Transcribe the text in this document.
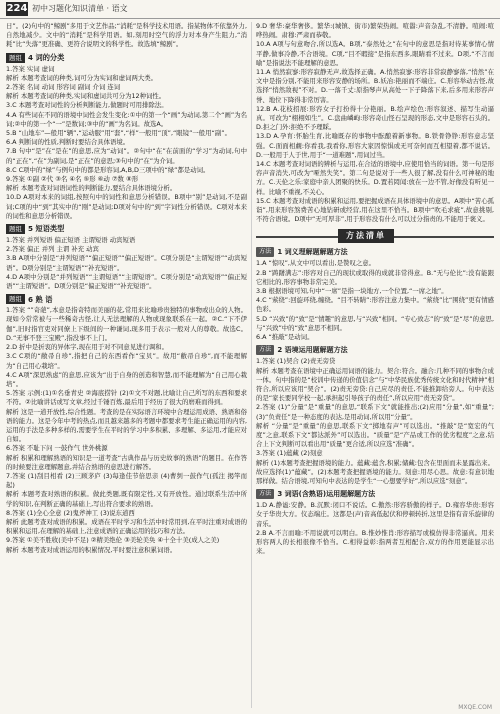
224 初中习题化知识清单 · 语文

日”。(2)句中的“鲸剧”多用于文艺作品;“消耗”是科学技术用语。指某物体不依靠外力,自然地减少。文中的“消耗”是科学用语。如,刻用时空气的浮力对本身产生阻力,“消耗”比“失落”更准确、更符合说明文的科学性。故选填“鲸剧”。

题组 4 词的分类

1.答案 实词 虚词

解析 本题考查词的种类,词可分为实词和虚词两大类。

2.答案 名词 动词 形容词 副词 介词 连词

解析 本题考查词的种类,实词和虚词共可分为12种词性。

3.C 本题考查对词性的分析判断能力,做题时可用排除法。

4.A 有些词在不同的语境中词性会发生变化:①中的第一个“画”为动词,第二个“画”为名词;②中的第一个“一”是数词;③中的“画”为名词。故选A。

5.B “山地车”—般用“辆”,“运动服”用“套”,“样”一般用“顶”,“眼镜”一般用“副”。

6.A 判断词的性质,判断时要结合具体语境。

7.B 句中“是”在“是在”的意思,应为“动词”。②句中“在”在前面的“学习”为动词,句中的“正在”,“在”为副词,是“正在”的意思;③句中的“在”为介词。

8.C C项中的“绿”与例句中的都是形容词,A,B,D三项中的“绿”都是动词。

9.答案 ①副 ②代 ③名 ④名 ⑤形 ⑥动 ⑦数 ⑧形

解析 本题考查对词语词性的判断能力,要结合具体语境分析。

10.D A项对本来的词组,按照句中的词性和意思分析错误。B项中“别”是动词,不是副词;C项的中“到”其实中的“刚”是动词;D项对句中的“到”字词性分析错误。C项对本来的词性和意思分析错误。

题组 5 短语类型

1.答案 并列短语 偏正短语 主谓短语 动宾短语

2.答案 偏正 并列 主谓 补充 动宾

3.B A项中分别是“并列短语”“偏正短语”“偏正短语”。C项分别是“主谓短语”“动宾短语”。D项分别是“主谓短语”“补充短语”。

4.D A项中分别是“并列短语”“主谓短语”“主谓短语”。C项分别是“动宾短语”“偏正短语”“主谓短语”。D项分别是“偏正短语”“补充短语”。

题组 6 熟 语

1.答案 “”奇葩”,本意是指奇特而美丽的花,常用来比喻珍贵独特的事物或出众的人物。现如今常常被与一些稀奇古怪,让人无法理解的人物或现象联系在一起。②C.“下不伊伽”,旧时指官吏对同僚上下级间的一种谦词,现多用于表示一般对人的尊敬。故选C。D.“无事不登三宝殿”,指没事不上门。

2.D 折中是折衷的异体字,现在用于对不同意见进行调和。

3.C C项的“敝帚自珍”,指把自己的东西看作“宝贝”。故用“敝帚自珍”,而不能理解为“自己用心栽培”。

4.C A项“深思熟虑”的意思,应该为“出于自身的创造和智慧,而不能理解为“自己用心栽培”。

5.答案 示例:(1)①名垂青史 ②海底捞针 (2)①文不对题,比喻让自己所写的东西和要求不符。②比喻讲话或写文章,经过千锤百炼,最后用于经历了很大的磨难而得到。

解析 这是一道开放性,综合性题。考查的是在实际语言环境中合理运用成语、熟语和俗语的能力。这是今年中考的热点,而且越来越多的考题中都要求考生能正确运用的内容,运用的手法是多种多样的,需要学生在平时的学习中多积累、多理解、多运用,才能应对自如。

6.答案 不耻下问 一鼓作气 世外桃源

解析 积累和理解熟语的知识是一道考查“古典作品与历史故事的熟语”的题目。在作答的时候要注意理解题意,并结合熟语的意思进行解答。

7.答案 (1)刮目相看 (2)三顾茅庐 (3)每逢佳节倍思亲 (4)曹刿一鼓作气(孤注 揭竿而起)

解析 本题考查对熟语的积累。做此类题,既有限定性,又有开放性。通过联系生活中所学的知识,在判断正确的基础上,写出符合要求的熟语。

8.答案 (1)全心全意 (2)鬼斧神工 (3)说东道西

解析 此题考查对成语的积累。成语在平时学习和生活中时常用到,在平时注重对成语的积累和运用,在理解的基础上,注意成语的正确运用的技巧和方法。

9.答案 ①美不胜收(美中不足) ②精美绝伦 ③美轮美奂 ④十全十美(成人之美)

解析 本题考查对成语运用的积累情况,平时要注意积累词语。

9.D 奢华:豪华奢侈。繁华:(城镇、街市)繁荣热闹。喧嚣:声音杂乱,不清静。喧闹:喧哗热闹。肃穆:严肃而恭敬。

10.A A项与句意吻合,所以选A。B项,“泰然处之”在句中的意思是指对待某事情心情平静,做事冷静,不合语境。C项,“目不暇接”是指东西多,眼睛看不过来。D项,“不言而喻”是指说法不能理解的意思。

11.A 悄然寂寥:形容寂静无声,故选择正确。A.悄然寂寥:形容非常寂静寥落,“悄然”在文中是指分别,不能用来形容安静的场所。B.妖冶:艳丽而不端庄。C.形容举动古怪,故选择“悄然敌视”不对。D.一落千丈:原指琴声从高处一下子降落下来,后多用来形容声誉、地位下降得非常厉害。

12.B A.花枝招展:形容女子打扮得十分艳丽。B.绘声绘色:形容叙述、描写生动逼真。可改为“栩栩如生”。C.盘曲嶙峋:形容奇山怪石呈现的形态,文中是形容石头的。D.拒之门外:拒绝不予理睬。

13.D A.孕育:怀胎生育,比喻既存的事物中酝酿着新事物。B.铁骨铮铮:形容意志坚强。C.面面相觑:你看我,我看你,形容大家因惊惧或无可奈何而互相望着,都不说话。D.一般用于人于世,用于“一道难题”,用词过当。

14.C 本题考查对词语的辨析与运用,在合适的语境中,应使用恰当的词语。第一句是形容声音消失,可改为“哑然失笑”。第二句是说对于一些人很了解,没有什么可神秘的地方。C.天伦之乐:家庭中亲人团聚的快乐。D.置若罔闻:放在一边不管,好像没有听见一样。比喻不重视,不关心。

15.C 本题考查对成语的积累和运用,要把握成语在具体语境中的意思。A项中“苦心孤诣”,用来形容煞费苦心地钻研或经营,用在这里不恰当。B项中“吹毛求疵”,故意挑剔,不符合语境。D项中“无可厚非”,用于形容没有什么可以过分指责的,不能用于褒义。

方法清单
方法 1 词义理解题解题方法

1.A “惊叹”,从文中可以看出,是赞叹之意。

2.B “踌躇满志”:形容对自己的现状或取得的成就非常得意。B.“无与伦比”:没有能跟它相比的,形容事物非常完美。

3.B 根据语境可知,句中“一席”是指一块地方,一个位置,“一席之地”。

4.C “萦绕”:回旋环绕,缠绕。“目不转睛”:形容注意力集中。“萦绕”比“围绕”更有情感色彩。

5.D “兴致”的“致”是“情趣”的意思,与“兴致”相同。“专心致志”的“致”是“尽”的意思,与“兴致”中的“致”意思不相同。

6.A “推敲”是动词。

方法 2 语境运用题解题方法

1.答案 (1)契合 (2)责无旁贷

解析 本题考查在语境中正确运用词语的能力。契合:符合。融合:几种不同的事物合成一体。句中指的是“校训中传递的价值信念”与“中华民族优秀传统文化和时代精神”相符合,所以应该用“契合”。(2)责无旁贷:自己应尽的责任,不能推卸给旁人。句中表达的是“家长要同学校一起,承担起引导孩子的责任”,所以应用“责无旁贷”。

2.答案 (1)“分量”是“重量”的意思,“联系下文”就能推出;(2)应用“分量”,如“重量”;(3)“负责任”是一种态度的表达,是用动词,所以用“分量”。

解析 “分量”是“重量”的意思,联系下文“掷地有声”可以选出。“推敲”是“宽宏的气度”之意,联系下文“都达派外”可以选出。“质量”是“产品或工作的优劣程度”之意,结合上下文判断可以看出用“质量”更合适,所以应选“准确”。

3.答案 (1)蕴藏 (2)刻意

解析 (1)本题考查把握语境的能力。蕴藏:蕴含,积累;储藏:包含在里面而未显露出来。故应选择(1)“蕴藏”。(2)本题考查把握语境的能力。刻意:用尽心思。故意:有意识地那样做。结合语境,可知句中表达的是学生“一心想要学好”,所以应选“刻意”。

方法 3 词语(含熟语)运用题解题方法

1.D A.静谧:安静。B.沉默:闭口不说话。C.傲然:形容骄傲的样子。D.雍容华贵:形容女子华贵大方。仪态端庄。这都是(声)音高低起伏和停顿转折,这里是指有音乐旋律的音乐。

2.B A.不言而喻:不用说就可以明白。B.惟妙惟肖:形容描写或模仿得非常逼真。用来形容两人的长相很像不恰当。C.相得益彰:指两者互相配合,双方的作用更能显示出来。

MXQE.COM
